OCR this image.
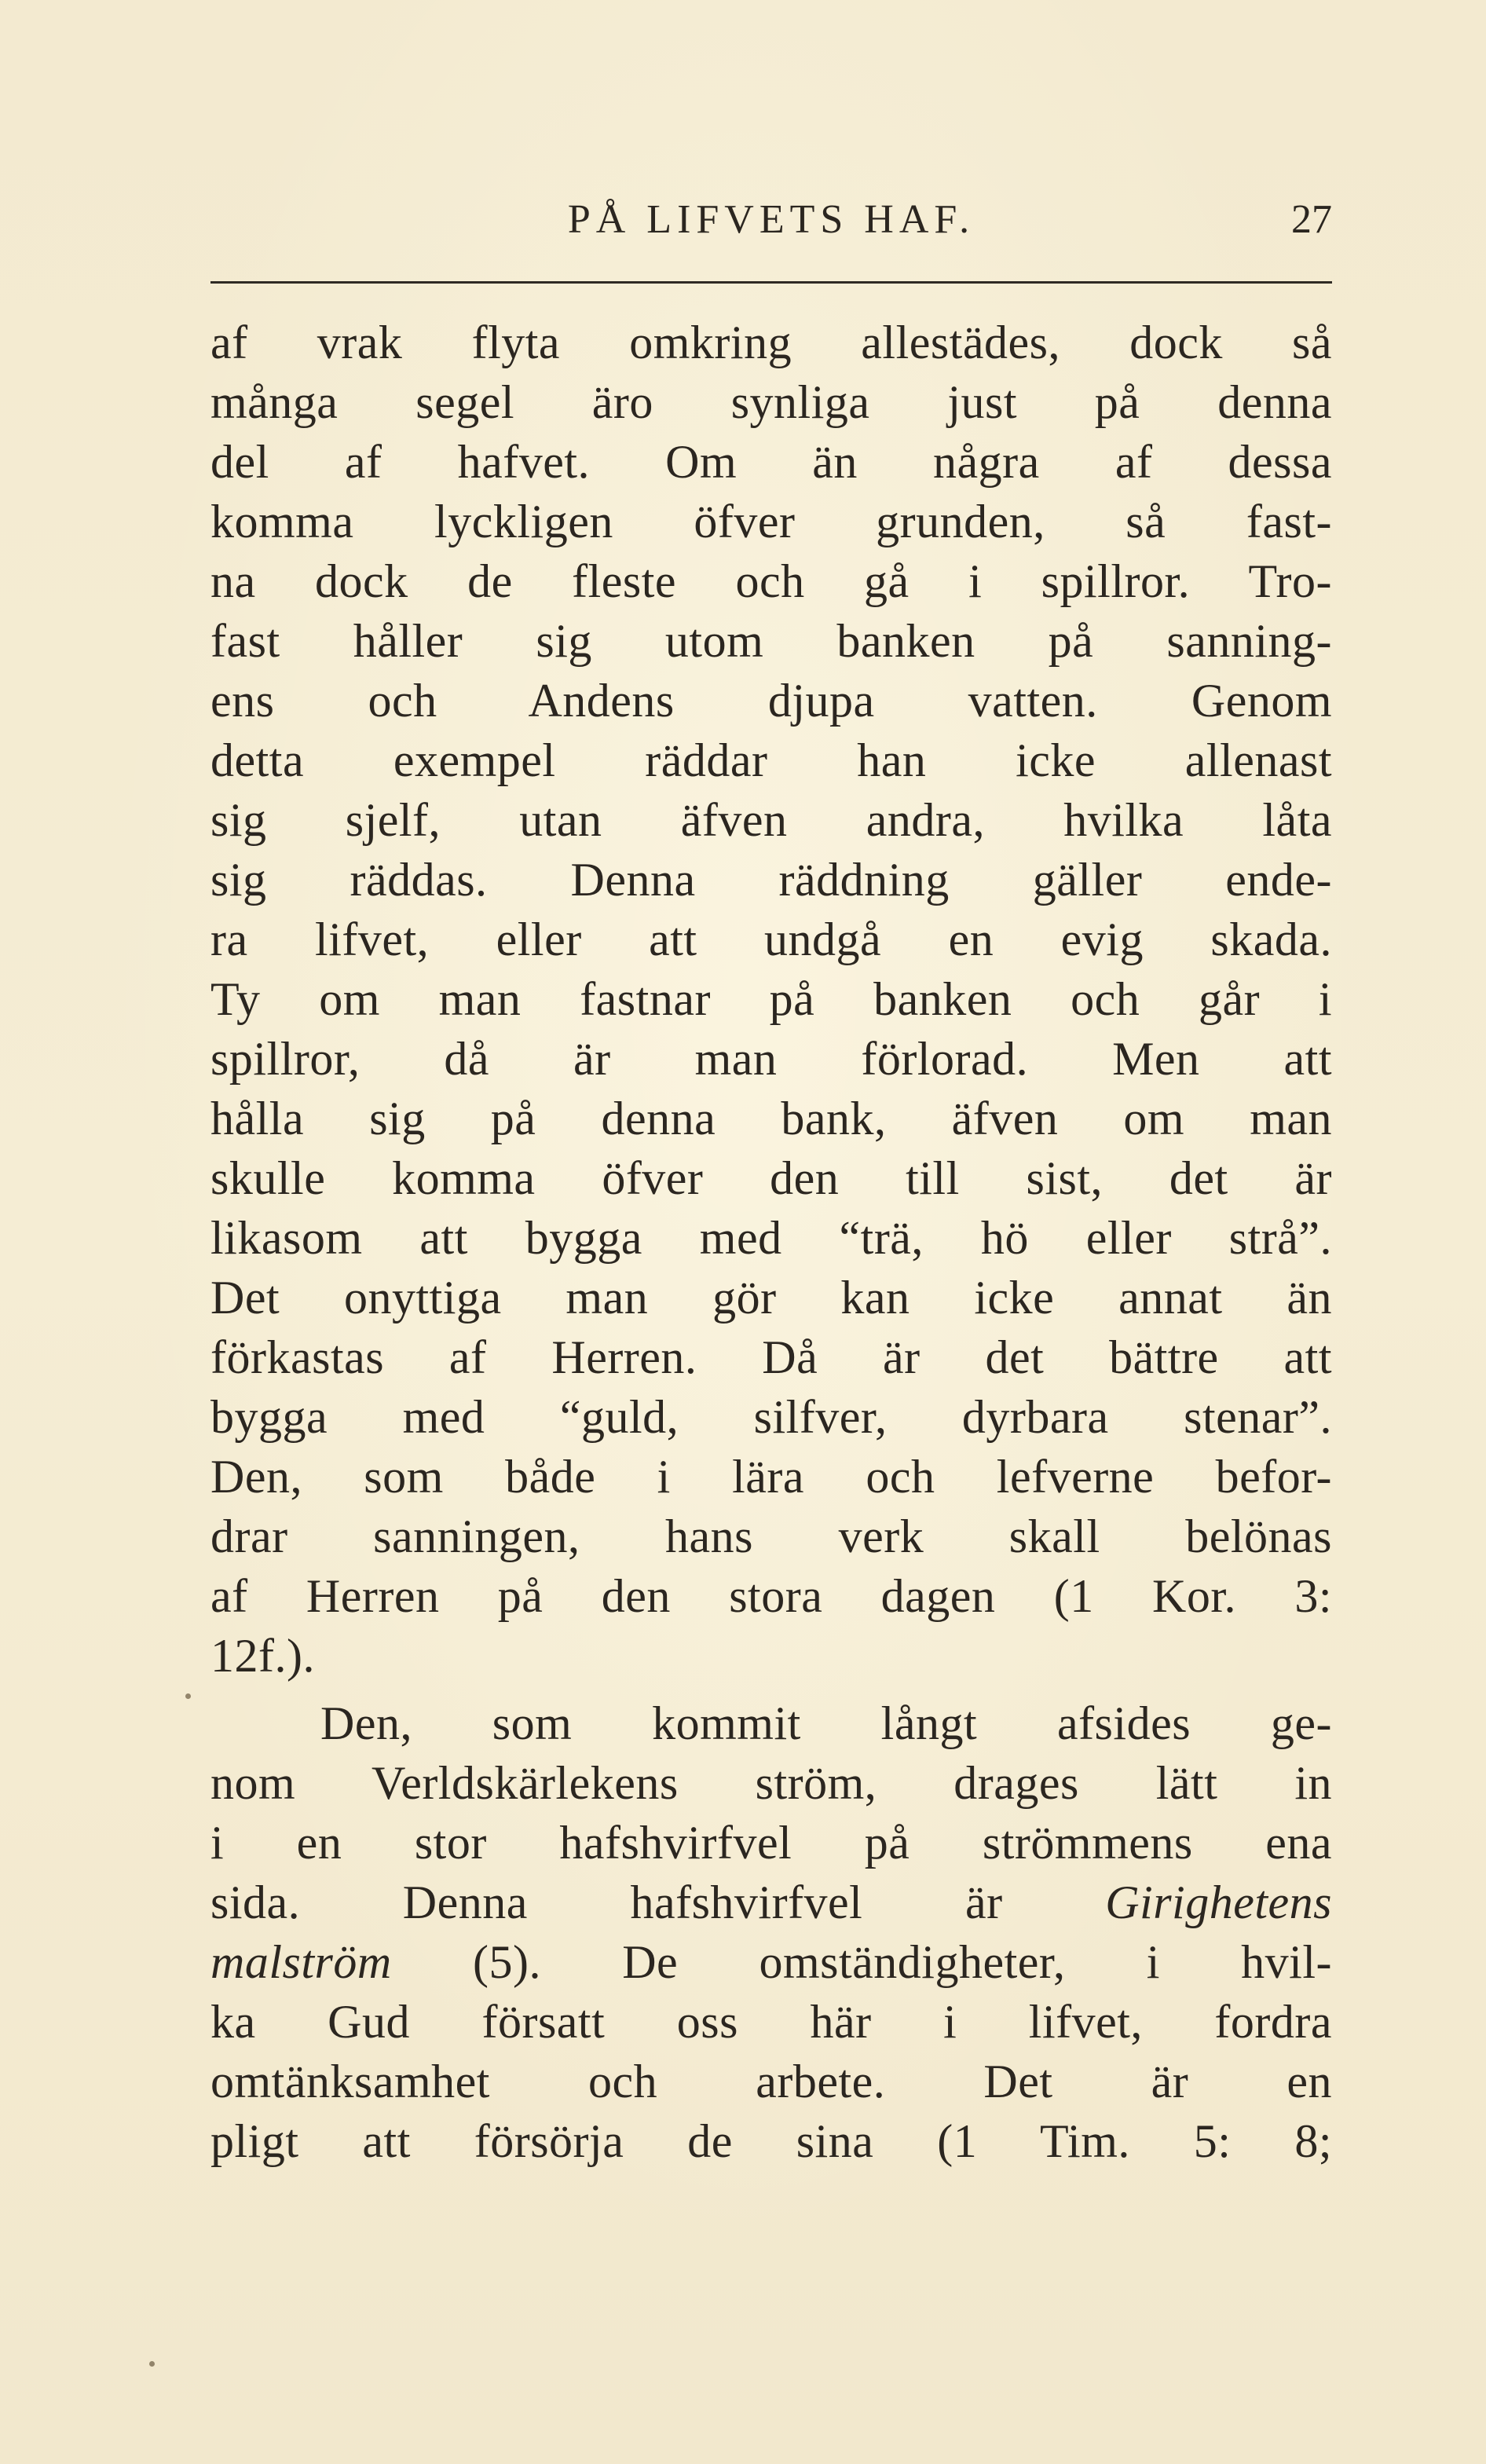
PÅ LIFVETS HAF.	27
af vrak flyta omkring allestädes, dock så
många segel äro synliga just på denna
del af hafvet. Om än några af dessa
komma lyckligen öfver grunden, så fast-
na dock de fleste och gå i spillror. Tro-
fast håller sig utom banken på sanning-
ens och Andens djupa vatten. Genom
detta exempel räddar han icke allenast
sig sjelf, utan äfven andra, hvilka låta
sig räddas. Denna räddning gäller ende-
ra lifvet, eller att undgå en evig skada.
Ty om man fastnar på banken och går i
spillror, då är man förlorad. Men att
hålla sig på denna bank, äfven om man
skulle komma öfver den till sist, det är
likasom att bygga med “trä, hö eller strå”.
Det onyttiga man gör kan icke annat än
förkastas af Herren. Då är det bättre att
bygga med “guld, silfver, dyrbara stenar”.
Den, som både i lära och lefverne befor-
drar sanningen, hans verk skall belönas
af Herren på den stora dagen (1 Kor. 3:
12f.).
Den, som kommit långt afsides ge-
nom Verldskärlekens ström, drages lätt in
i en stor hafshvirfvel på strömmens ena
sida. Denna hafshvirfvel är Girighetens
malström (5). De omständigheter, i hvil-
ka Gud försatt oss här i lifvet, fordra
omtänksamhet och arbete. Det är en
pligt att försörja de sina (1 Tim. 5: 8;
